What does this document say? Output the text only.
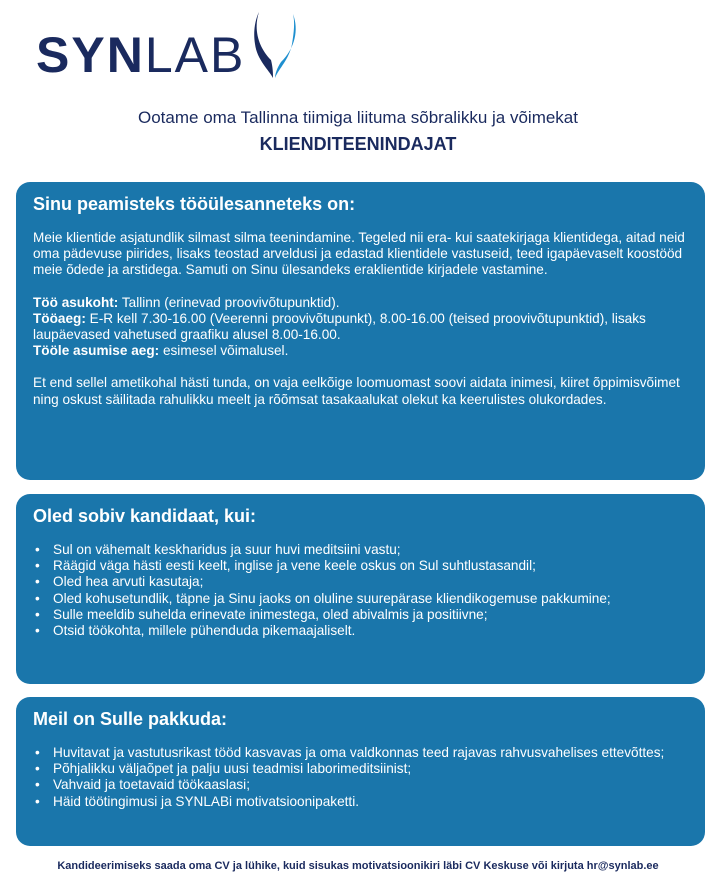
SYNLAB
Ootame oma Tallinna tiimiga liituma sõbralikku ja võimekat
KLIENDITEENINDAJAT
Sinu peamisteks tööülesanneteks on:

Meie klientide asjatundlik silmast silma teenindamine. Tegeled nii era- kui saatekirjaga klientidega, aitad neid oma pädevuse piirides, lisaks teostad arveldusi ja edastad klientidele vastuseid, teed igapäevaselt koostööd meie õdede ja arstidega. Samuti on Sinu ülesandeks eraklientide kirjadele vastamine.

Töö asukoht: Tallinn (erinevad proovivõtupunktid).

Tööaeg: E-R kell 7.30-16.00 (Veerenni proovivõtupunkt), 8.00-16.00 (teised proovivõtupunktid), lisaks laupäevased vahetused graafiku alusel 8.00-16.00.

Tööle asumise aeg: esimesel võimalusel.

Et end sellel ametikohal hästi tunda, on vaja eelkõige loomuomast soovi aidata inimesi, kiiret õppimisvõimet ning oskust säilitada rahulikku meelt ja rõõmsat tasakaalukat olekut ka keerulistes olukordades.

Oled sobiv kandidaat, kui:
• Sul on vähemalt keskharidus ja suur huvi meditsiini vastu;
• Räägid väga hästi eesti keelt, inglise ja vene keele oskus on Sul suhtlustasandil;
• Oled hea arvuti kasutaja;
• Oled kohusetundlik, täpne ja Sinu jaoks on oluline suurepärase kliendikogemuse pakkumine;
• Sulle meeldib suhelda erinevate inimestega, oled abivalmis ja positiivne;
• Otsid töökohta, millele pühenduda pikemaajaliselt.
Meil on Sulle pakkuda:
• Huvitavat ja vastutusrikast tööd kasvavas ja oma valdkonnas teed rajavas rahvusvahelises ettevõttes;
• Põhjalikku väljaõpet ja palju uusi teadmisi laborimeditsiinist;
• Vahvaid ja toetavaid töökaaslasi;
• Häid töötingimusi ja SYNLABi motivatsioonipaketti.
Kandideerimiseks saada oma CV ja lühike, kuid sisukas motivatsioonikiri läbi CV Keskuse või kirjuta hr@synlab.ee
